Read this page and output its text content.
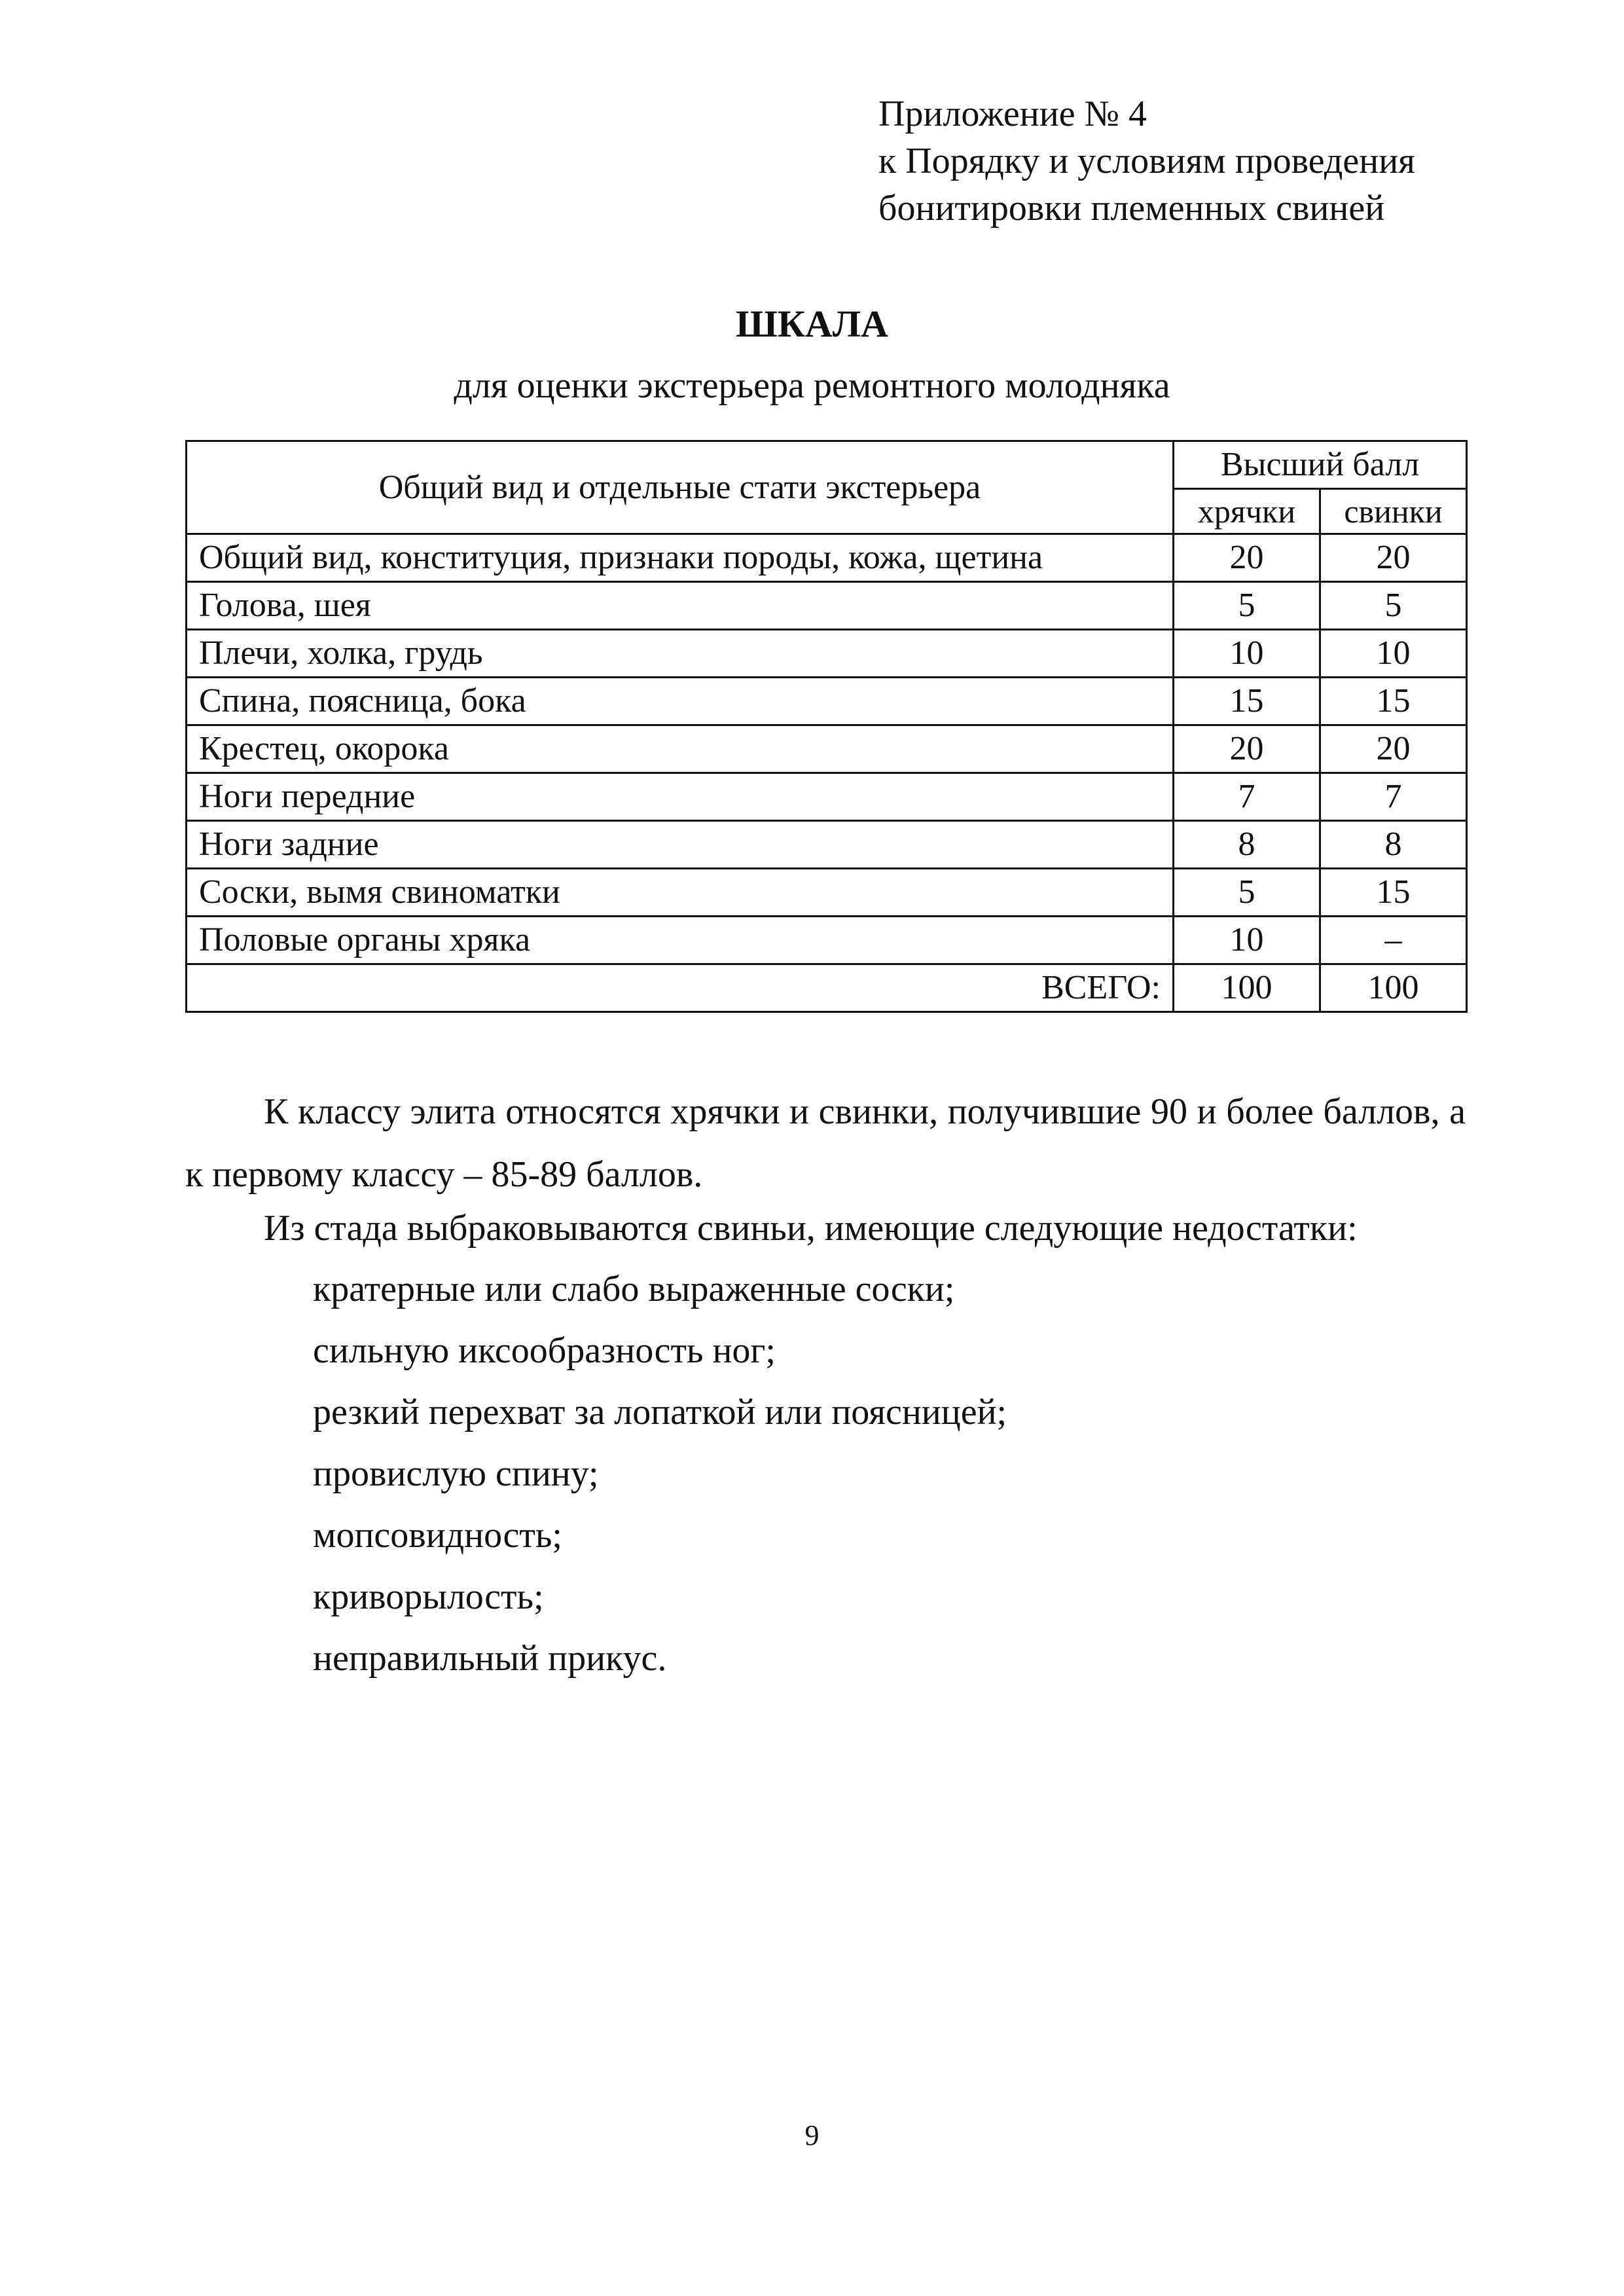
Приложение № 4
к Порядку и условиям проведения
бонитировки племенных свиней
ШКАЛА
для оценки экстерьера ремонтного молодняка
Общий вид и отдельные стати экстерьера	Высший балл	
	хрячки	свинки
Общий вид, конституция, признаки породы, кожа, щетина	20	20
Голова, шея	5	5
Плечи, холка, грудь	10	10
Спина, поясница, бока	15	15
Крестец, окорока	20	20
Ноги передние	7	7
Ноги задние	8	8
Соски, вымя свиноматки	5	15
Половые органы хряка	10	–
ВСЕГО:	100	100

К классу элита относятся хрячки и свинки, получившие 90 и более баллов, а к первому классу – 85-89 баллов.

Из стада выбраковываются свиньи, имеющие следующие недостатки:

кратерные или слабо выраженные соски;
сильную иксообразность ног;
резкий перехват за лопаткой или поясницей;
провислую спину;
мопсовидность;
криворылость;
неправильный прикус.
9
